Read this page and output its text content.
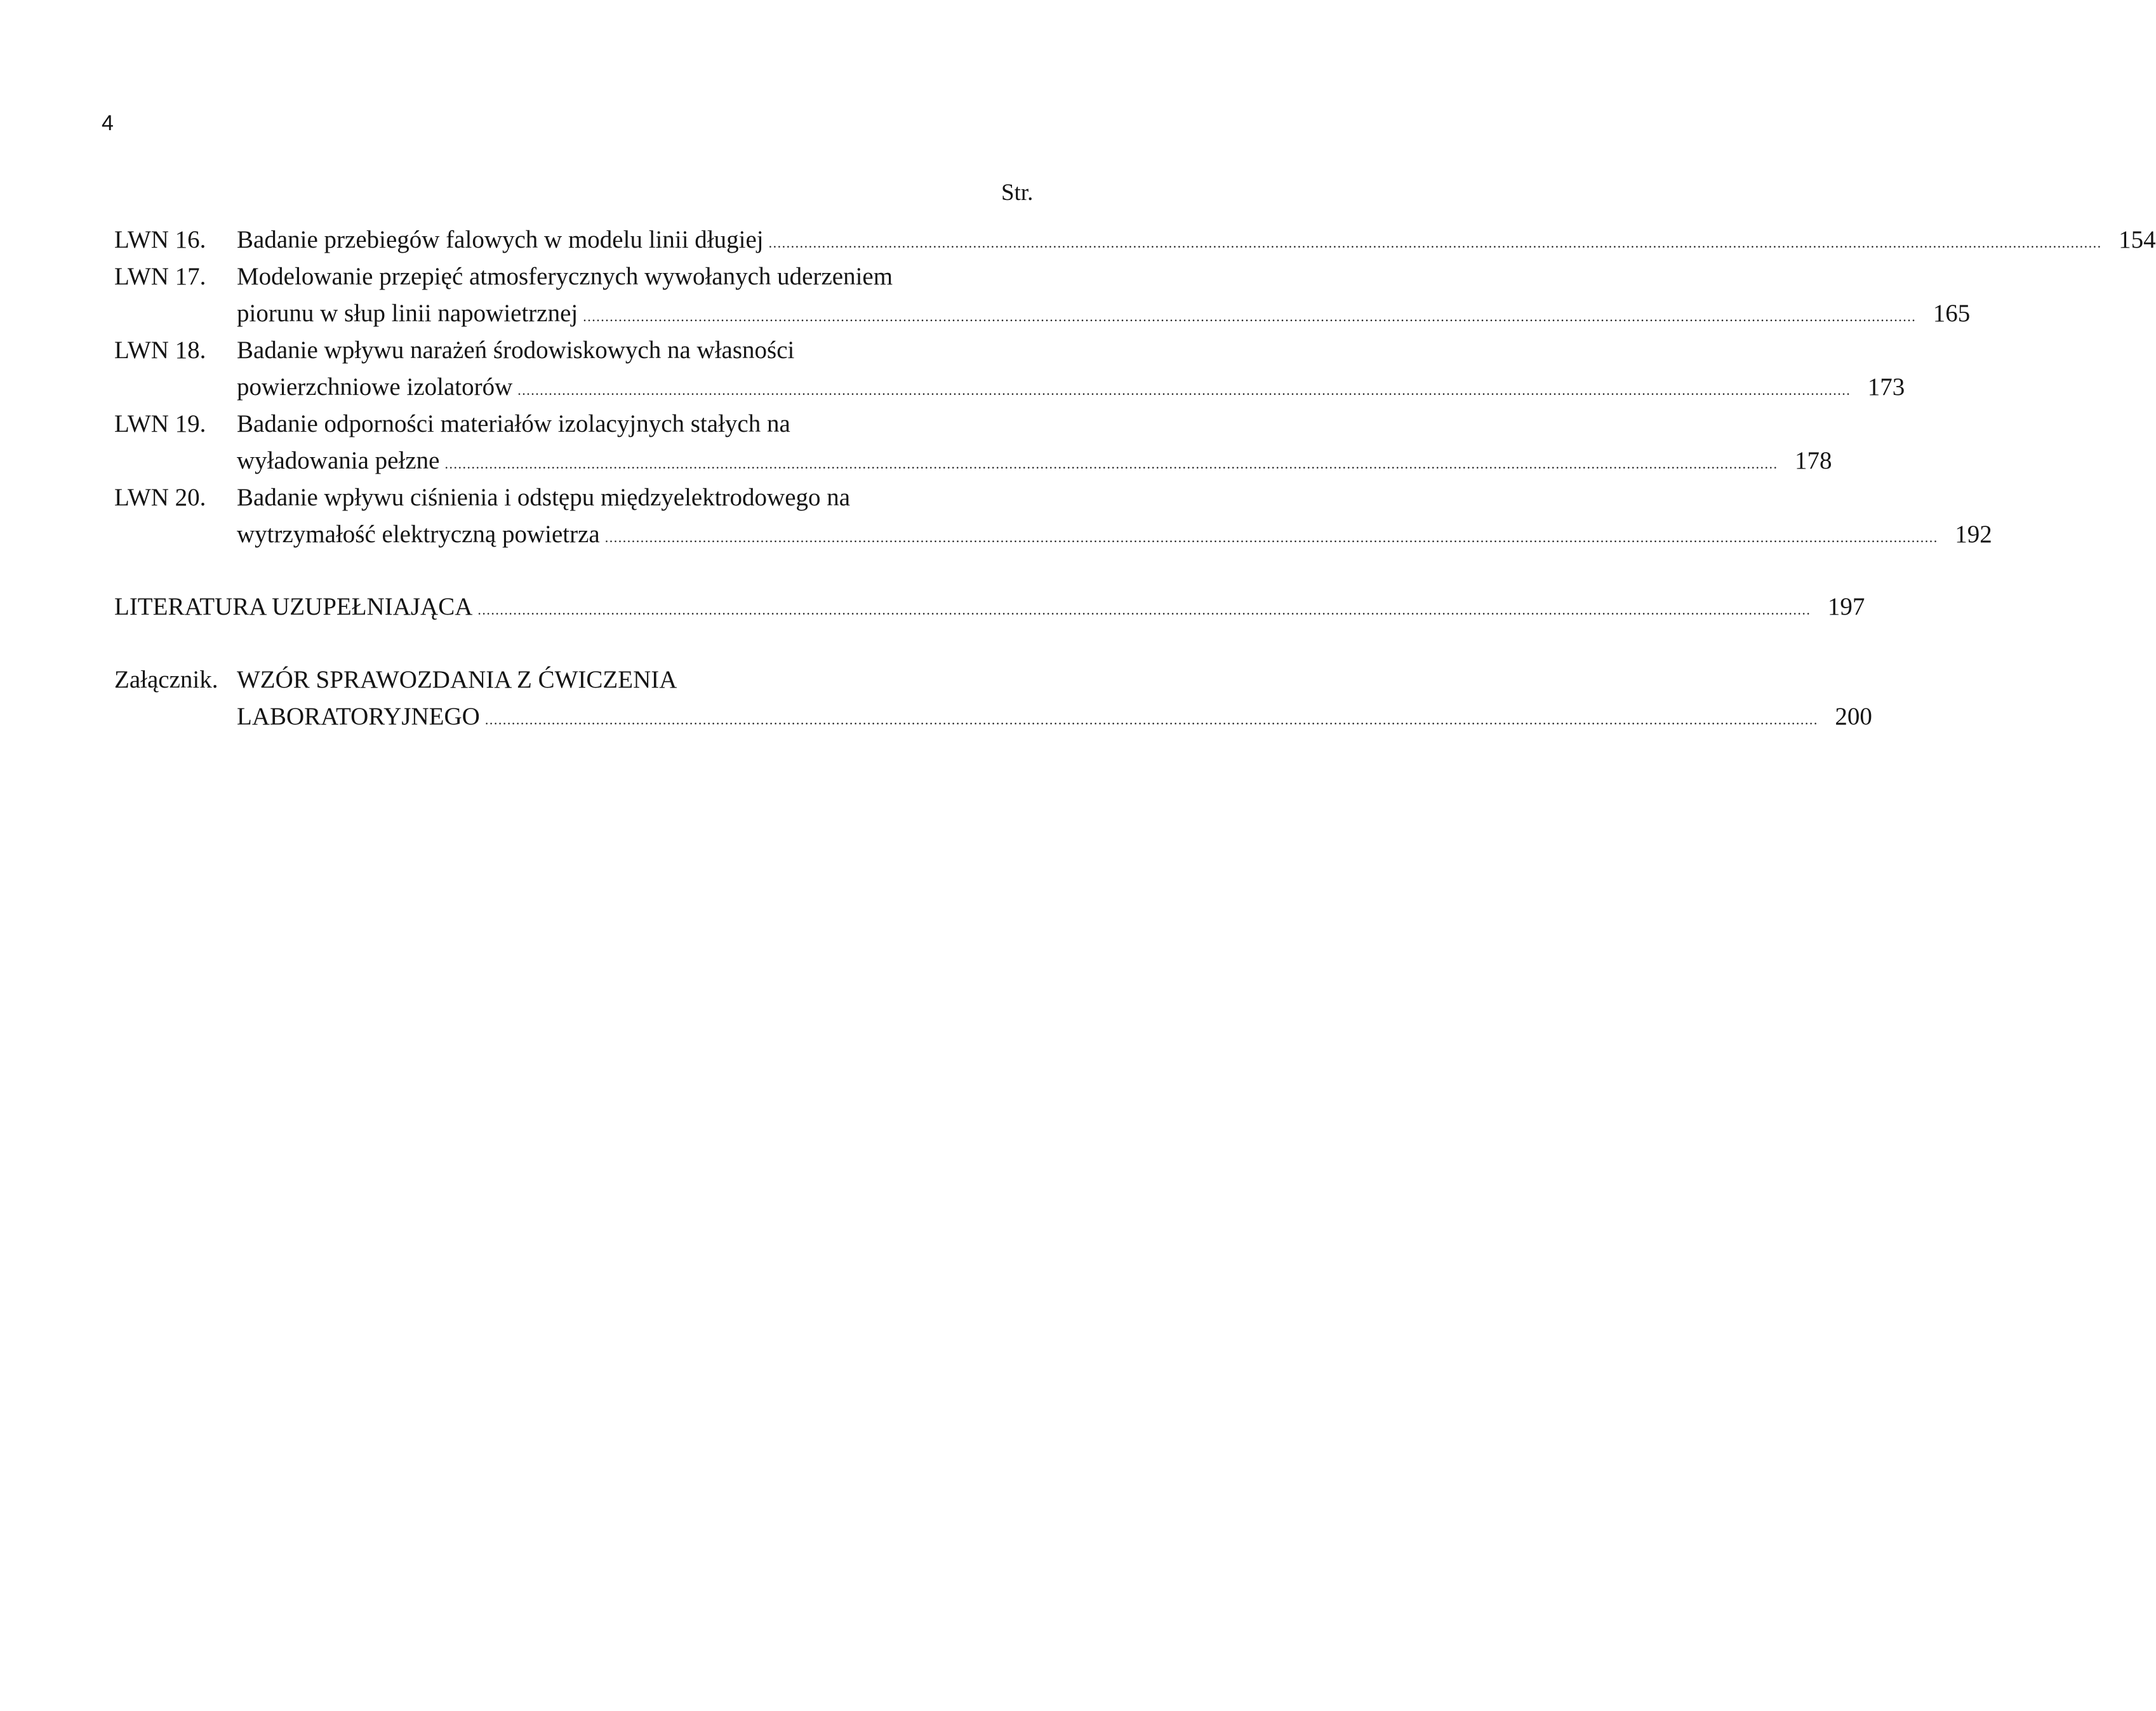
4
Str.
LWN 16. Badanie przebiegów falowych w modelu linii długiej ............................................................................................................................................................................................................................................................................................................ 154
LWN 17. Modelowanie przepięć atmosferycznych wywołanych uderzeniem
piorunu w słup linii napowietrznej ............................................................................................................................................................................................................................................................................................................ 165
LWN 18. Badanie wpływu narażeń środowiskowych na własności
powierzchniowe izolatorów ............................................................................................................................................................................................................................................................................................................ 173
LWN 19. Badanie odporności materiałów izolacyjnych stałych na
wyładowania pełzne ............................................................................................................................................................................................................................................................................................................ 178
LWN 20. Badanie wpływu ciśnienia i odstępu międzyelektrodowego na
wytrzymałość elektryczną powietrza ............................................................................................................................................................................................................................................................................................................ 192
LITERATURA UZUPEŁNIAJĄCA ............................................................................................................................................................................................................................................................................................................ 197
Załącznik. WZÓR SPRAWOZDANIA Z ĆWICZENIA
LABORATORYJNEGO ............................................................................................................................................................................................................................................................................................................ 200
